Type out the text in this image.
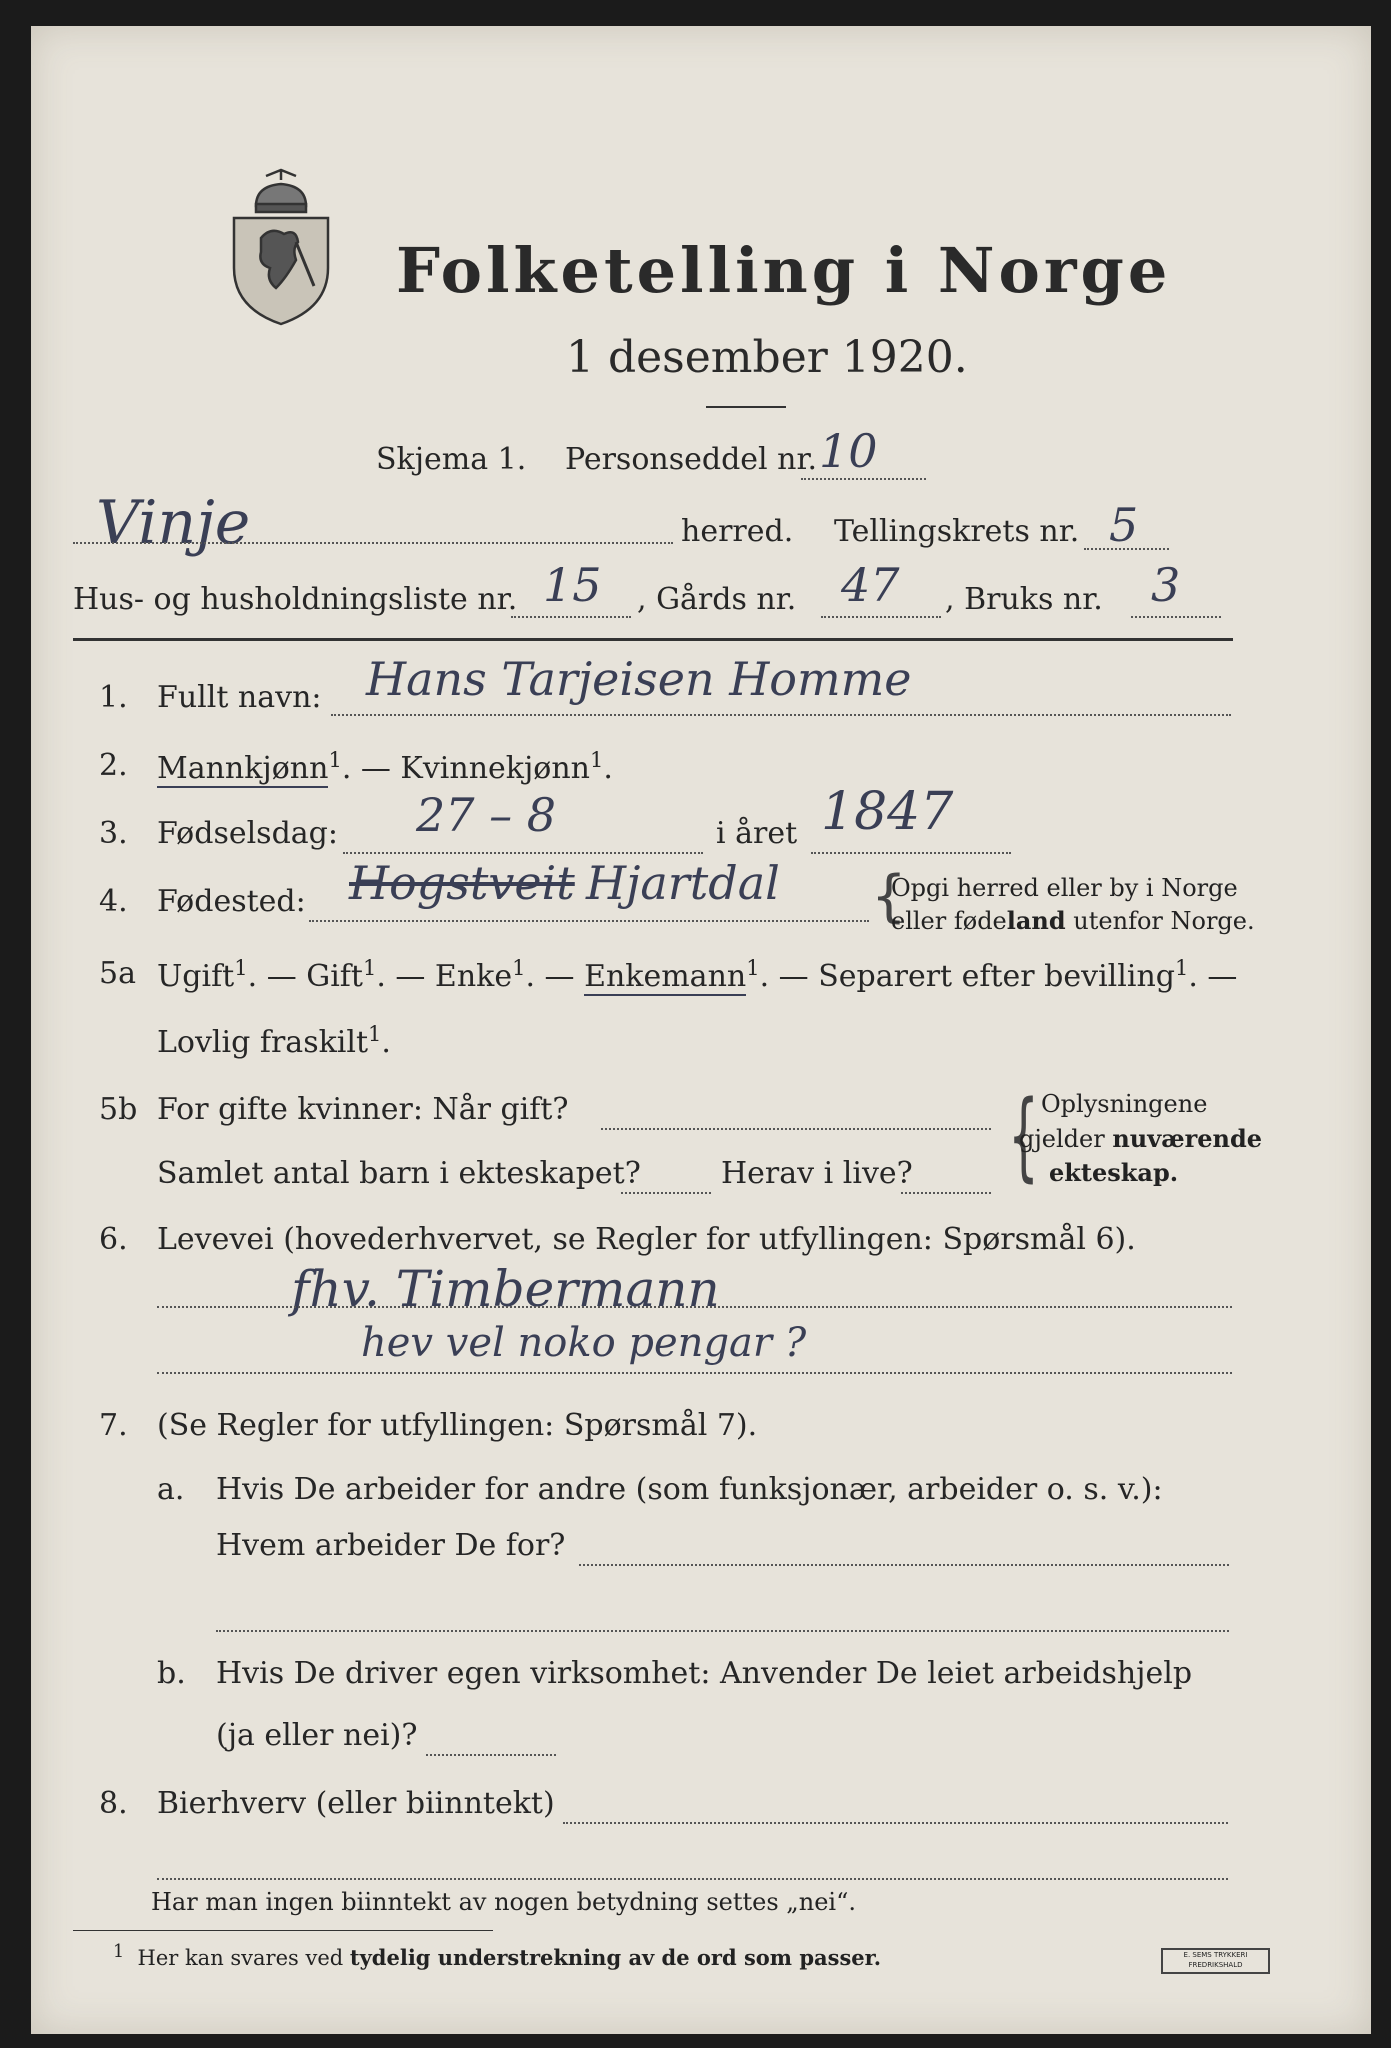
Folketelling i Norge
1 desember 1920.
Skjema 1. Personseddel nr. 10
Vinje	herred. Tellingskrets nr. 5
Hus- og husholdningsliste nr. 15 , Gårds nr. 47 , Bruks nr. 3
1. Fullt navn: Hans Tarjeisen Homme
2. Mannkjønn$^1$. — Kvinnekjønn$^1$.
3. Fødselsdag: 27 – 8	i året 1847
4. Fødested: Hogstveit Hjartdal {
Opgi herred eller by i Norge
eller fødeland utenfor Norge.
5a Ugift$^1$. — Gift$^1$. — Enke$^1$. — Enkemann$^1$. — Separert efter bevilling$^1$. —
Lovlig fraskilt$^1$.
5b For gifte kvinner: Når gift?
Samlet antal barn i ekteskapet?	Herav i live? { Oplysningene
gjelder nuværende
ekteskap.
6. Levevei (hovederhvervet, se Regler for utfyllingen: Spørsmål 6).
fhv. Timbermann
hev vel noko pengar ?
7. (Se Regler for utfyllingen: Spørsmål 7).
a. Hvis De arbeider for andre (som funksjonær, arbeider o. s. v.):
Hvem arbeider De for?
b. Hvis De driver egen virksomhet: Anvender De leiet arbeidshjelp
(ja eller nei)?
8. Bierhverv (eller biinntekt)
Har man ingen biinntekt av nogen betydning settes „nei“.
$^1$ Her kan svares ved tydelig understrekning av de ord som passer.	E. SEMS TRYKKERI FREDRIKSHALD
